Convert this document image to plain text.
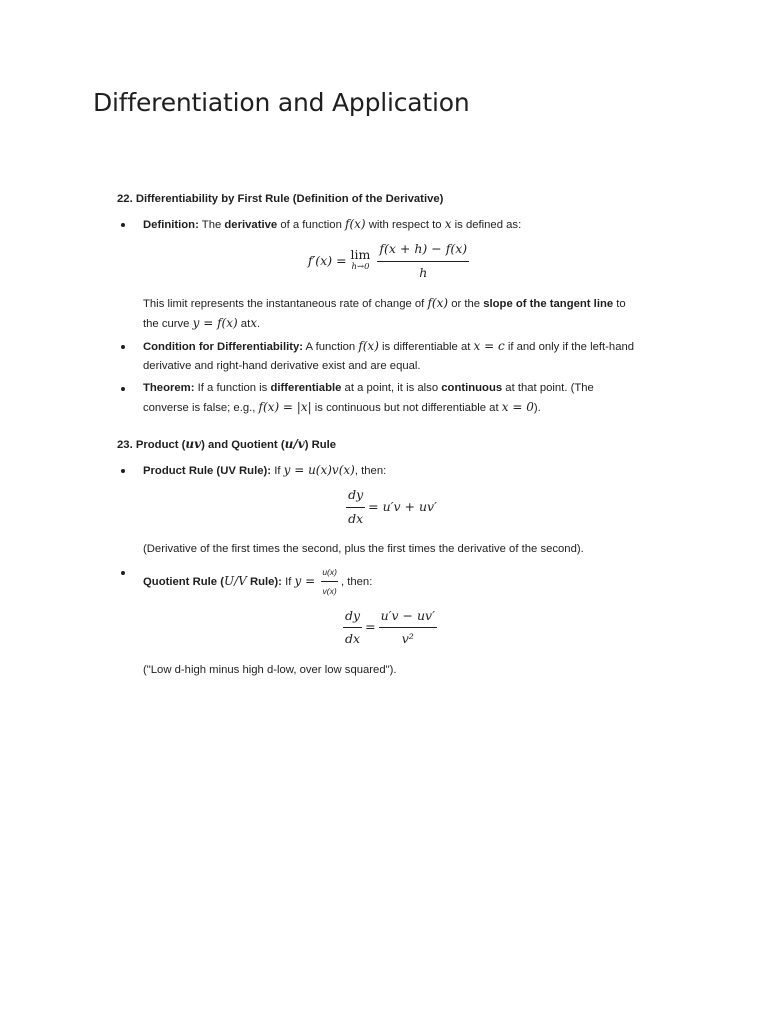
Differentiation and Application
22. Differentiability by First Rule (Definition of the Derivative)
Definition: The derivative of a function f(x) with respect to x is defined as:
f′(x) = lim
$h\to 0 \frac{f(x + h) - f(x)}{h}$
This limit represents the instantaneous rate of change of f(x) or the slope of the tangent line to the curve y = f(x) atx.
Condition for Differentiability: A function f(x) is differentiable at x = c if and only if the left-hand derivative and right-hand derivative exist and are equal.
Theorem: If a function is differentiable at a point, it is also continuous at that point. (The converse is false; e.g., f(x) = |x| is continuous but not differentiable at x = 0).
23. Product (uv) and Quotient (u/v) Rule
Product Rule (UV Rule): If y = u(x)v(x), then:
$\frac{dy}{dx} = u'v + uv'$
(Derivative of the first times the second, plus the first times the derivative of the second).
Quotient Rule (U/V Rule): If $y = \frac{u(x)}{v(x)}$ , then:
$\frac{dy}{dx} = \frac{u'v - uv'}{\text{v²}}$
("Low d-high minus high d-low, over low squared").
